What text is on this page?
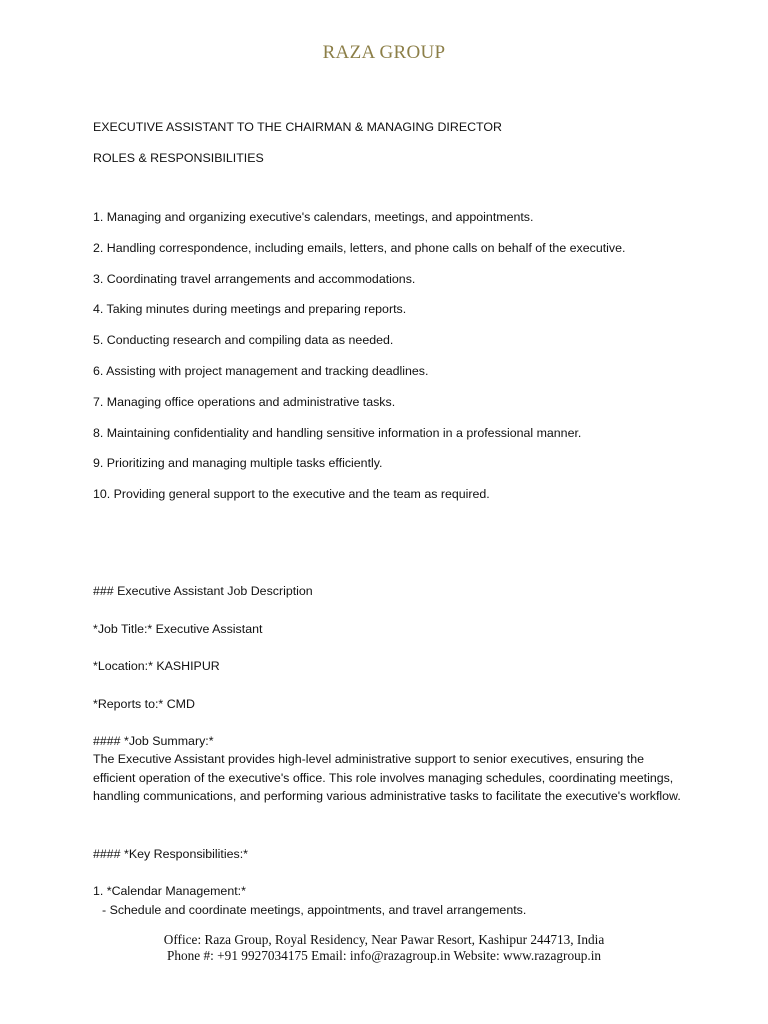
RAZA GROUP

EXECUTIVE ASSISTANT TO THE CHAIRMAN & MANAGING DIRECTOR

ROLES & RESPONSIBILITIES

1. Managing and organizing executive's calendars, meetings, and appointments.
2. Handling correspondence, including emails, letters, and phone calls on behalf of the executive.
3. Coordinating travel arrangements and accommodations.
4. Taking minutes during meetings and preparing reports.
5. Conducting research and compiling data as needed.
6. Assisting with project management and tracking deadlines.
7. Managing office operations and administrative tasks.
8. Maintaining confidentiality and handling sensitive information in a professional manner.
9. Prioritizing and managing multiple tasks efficiently.
10. Providing general support to the executive and the team as required.

### Executive Assistant Job Description

*Job Title:* Executive Assistant

*Location:* KASHIPUR

*Reports to:* CMD

#### *Job Summary:*

The Executive Assistant provides high-level administrative support to senior executives, ensuring the efficient operation of the executive's office. This role involves managing schedules, coordinating meetings, handling communications, and performing various administrative tasks to facilitate the executive's workflow.

#### *Key Responsibilities:*

1. *Calendar Management:*

- Schedule and coordinate meetings, appointments, and travel arrangements.

Office: Raza Group, Royal Residency, Near Pawar Resort, Kashipur 244713, India
Phone #: +91 9927034175 Email: info@razagroup.in Website: www.razagroup.in
